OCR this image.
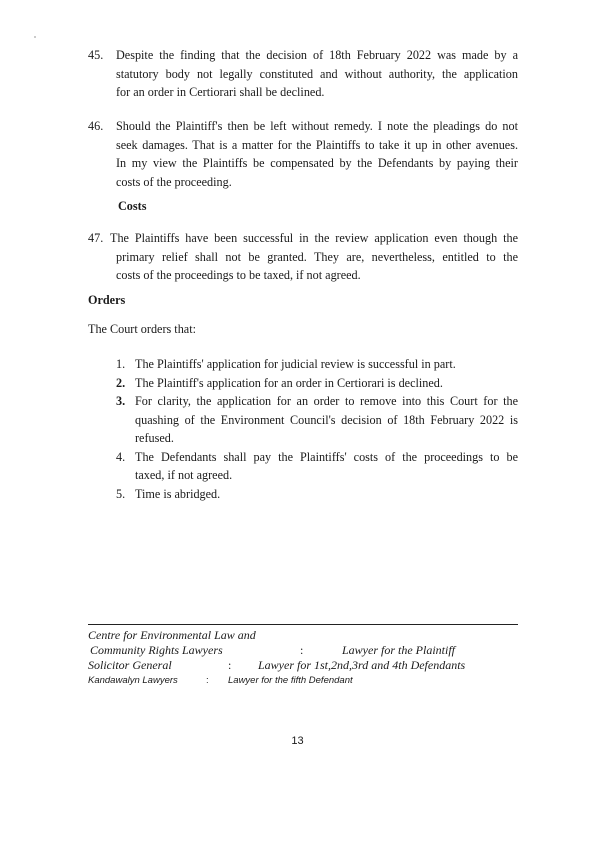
45. Despite the finding that the decision of 18th February 2022 was made by a
statutory body not legally constituted and without authority, the application
for an order in Certiorari shall be declined.
46. Should the Plaintiff's then be left without remedy. I note the pleadings do not
seek damages. That is a matter for the Plaintiffs to take it up in other avenues.
In my view the Plaintiffs be compensated by the Defendants by paying their
costs of the proceeding.
Costs
47. The Plaintiffs have been successful in the review application even though the
primary relief shall not be granted. They are, nevertheless, entitled to the
costs of the proceedings to be taxed, if not agreed.
Orders
The Court orders that:
1. The Plaintiffs' application for judicial review is successful in part.
2. The Plaintiff's application for an order in Certiorari is declined.
3. For clarity, the application for an order to remove into this Court for the
quashing of the Environment Council's decision of 18th February 2022 is
refused.
4. The Defendants shall pay the Plaintiffs' costs of the proceedings to be
taxed, if not agreed.
5. Time is abridged.
Centre for Environmental Law and
Community Rights Lawyers	:	Lawyer for the Plaintiff
Solicitor General	: Lawyer for 1st,2nd,3rd and 4th Defendants
Kandawalyn Lawyers	: Lawyer for the fifth Defendant
13
